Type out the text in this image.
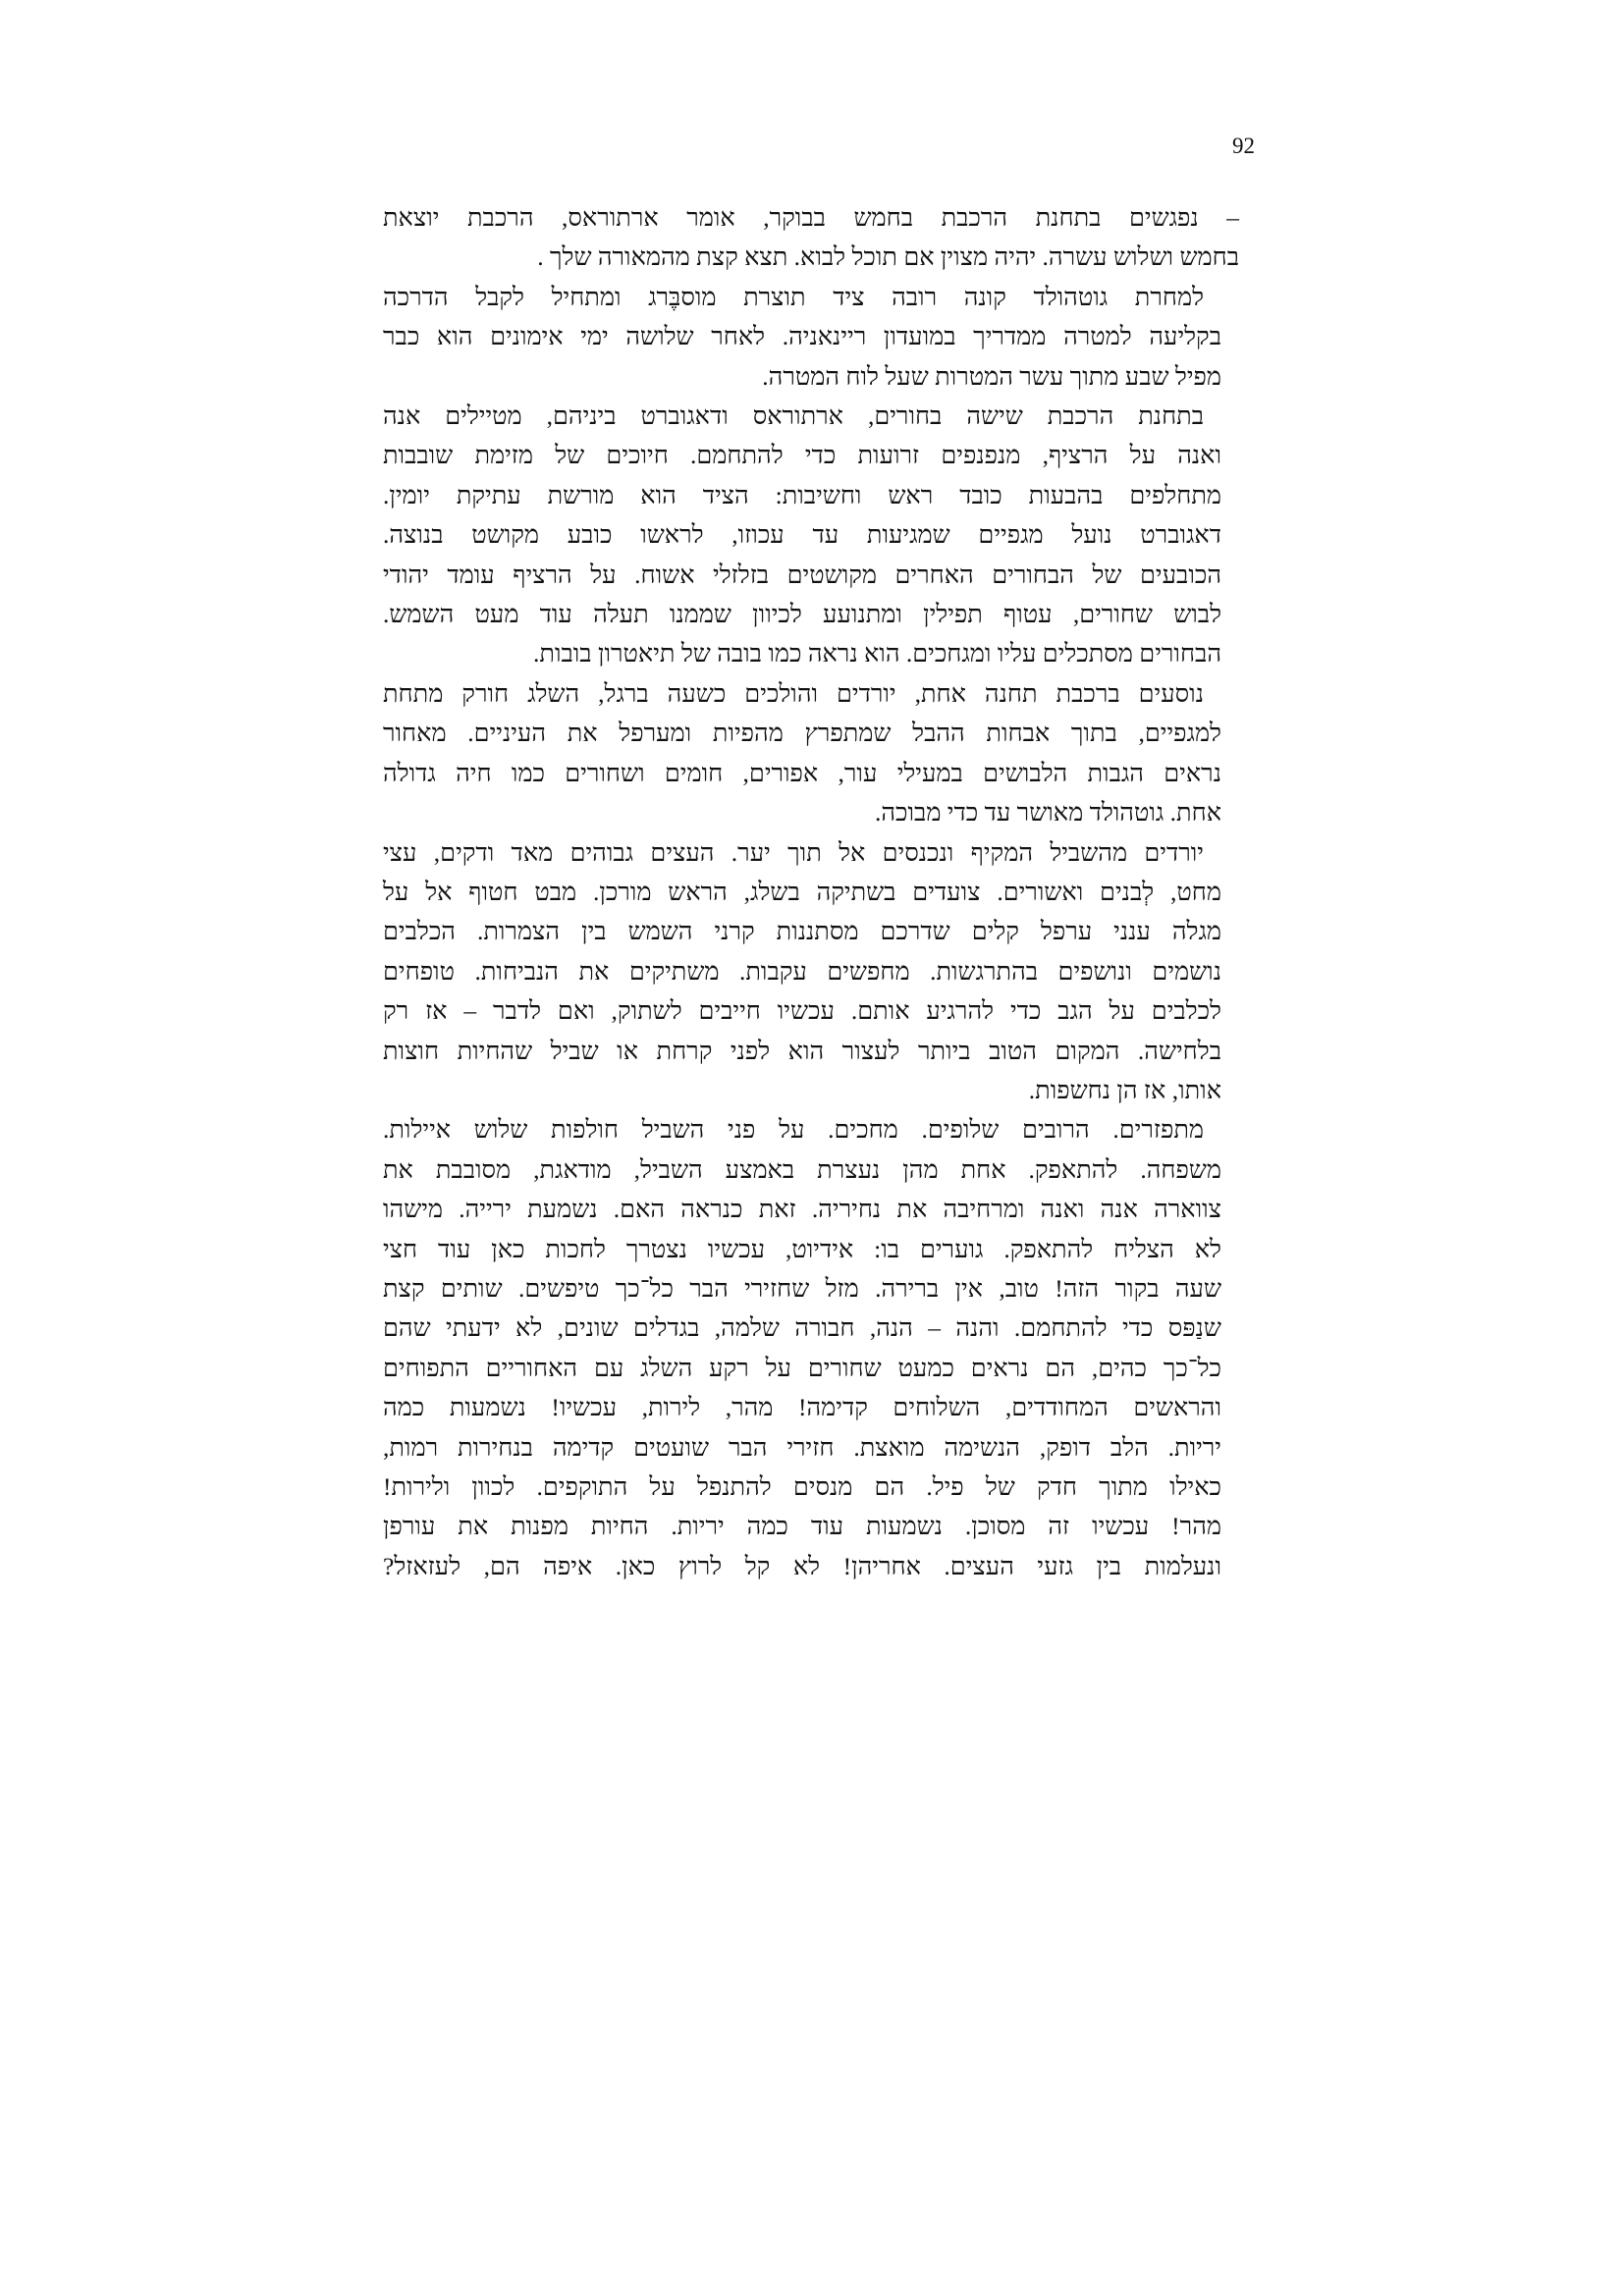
92

– נפגשים בתחנת הרכבת בחמש בבוקר, אומר ארתוראס, הרכבת יוצאת
בחמש ושלוש עשרה. יהיה מצוין אם תוכל לבוא. תצא קצת מהמאורה שלך .

למחרת גוטהולד קונה רובה ציד תוצרת מוסבֶּרג ומתחיל לקבל הדרכה
בקליעה למטרה ממדריך במועדון ריינאניה. לאחר שלושה ימי אימונים הוא כבר
מפיל שבע מתוך עשר המטרות שעל לוח המטרה.

בתחנת הרכבת שישה בחורים, ארתוראס ודאגוברט ביניהם, מטיילים אנה
ואנה על הרציף, מנפנפים זרועות כדי להתחמם. חיוכים של מזימת שובבות
מתחלפים בהבעות כובד ראש וחשיבות: הציד הוא מורשת עתיקת יומין.
דאגוברט נועל מגפיים שמגיעות עד עכוזו, לראשו כובע מקושט בנוצה.
הכובעים של הבחורים האחרים מקושטים בזלזלי אשוח. על הרציף עומד יהודי
לבוש שחורים, עטוף תפילין ומתנועע לכיוון שממנו תעלה עוד מעט השמש.
הבחורים מסתכלים עליו ומגחכים. הוא נראה כמו בובה של תיאטרון בובות.

נוסעים ברכבת תחנה אחת, יורדים והולכים כשעה ברגל, השלג חורק מתחת
למגפיים, בתוך אבחות ההבל שמתפרץ מהפיות ומערפל את העיניים. מאחור
נראים הגבות הלבושים במעילי עור, אפורים, חומים ושחורים כמו חיה גדולה
אחת. גוטהולד מאושר עד כדי מבוכה.

יורדים מהשביל המקיף ונכנסים אל תוך יער. העצים גבוהים מאד ודקים, עצי
מחט, לְבנים ואשורים. צועדים בשתיקה בשלג, הראש מורכן. מבט חטוף אל על
מגלה ענני ערפל קלים שדרכם מסתננות קרני השמש בין הצמרות. הכלבים
נושמים ונושפים בהתרגשות. מחפשים עקבות. משתיקים את הנביחות. טופחים
לכלבים על הגב כדי להרגיע אותם. עכשיו חייבים לשתוק, ואם לדבר – אז רק
בלחישה. המקום הטוב ביותר לעצור הוא לפני קרחת או שביל שהחיות חוצות
אותו, אז הן נחשפות.

מתפזרים. הרובים שלופים. מחכים. על פני השביל חולפות שלוש איילות.
משפחה. להתאפק. אחת מהן נעצרת באמצע השביל, מודאגת, מסובבת את
צווארה אנה ואנה ומרחיבה את נחיריה. זאת כנראה האם. נשמעת ירייה. מישהו
לא הצליח להתאפק. גוערים בו: אידיוט, עכשיו נצטרך לחכות כאן עוד חצי
שעה בקור הזה! טוב, אין ברירה. מזל שחזירי הבר כל־כך טיפשים. שותים קצת
שנַפּס כדי להתחמם. והנה – הנה, חבורה שלמה, בגדלים שונים, לא ידעתי שהם
כל־כך כהים, הם נראים כמעט שחורים על רקע השלג עם האחוריים התפוחים
והראשים המחודדים, השלוחים קדימה! מהר, לירות, עכשיו! נשמעות כמה
יריות. הלב דופק, הנשימה מואצת. חזירי הבר שועטים קדימה בנחירות רמות,
כאילו מתוך חדק של פיל. הם מנסים להתנפל על התוקפים. לכוון ולירות!
מהר! עכשיו זה מסוכן. נשמעות עוד כמה יריות. החיות מפנות את עורפן
ונעלמות בין גזעי העצים. אחריהן! לא קל לרוץ כאן. איפה הם, לעזאזל?
